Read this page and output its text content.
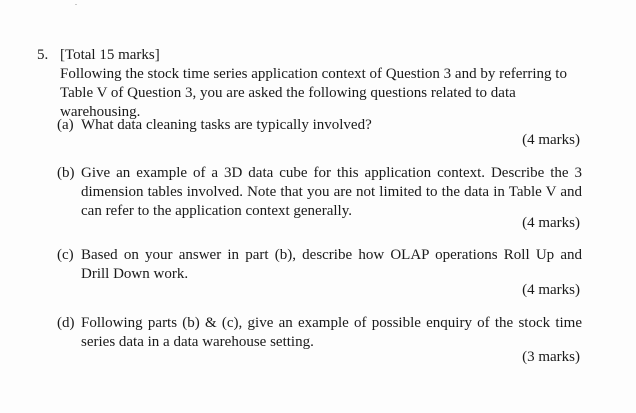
5. [Total 15 marks]
Following the stock time series application context of Question 3 and by referring to Table V of Question 3, you are asked the following questions related to data warehousing.
(a) What data cleaning tasks are typically involved?
(4 marks)
(b) Give an example of a 3D data cube for this application context. Describe the 3 dimension tables involved. Note that you are not limited to the data in Table V and can refer to the application context generally.
(4 marks)
(c) Based on your answer in part (b), describe how OLAP operations Roll Up and Drill Down work.
(4 marks)
(d) Following parts (b) & (c), give an example of possible enquiry of the stock time series data in a data warehouse setting.
(3 marks)
